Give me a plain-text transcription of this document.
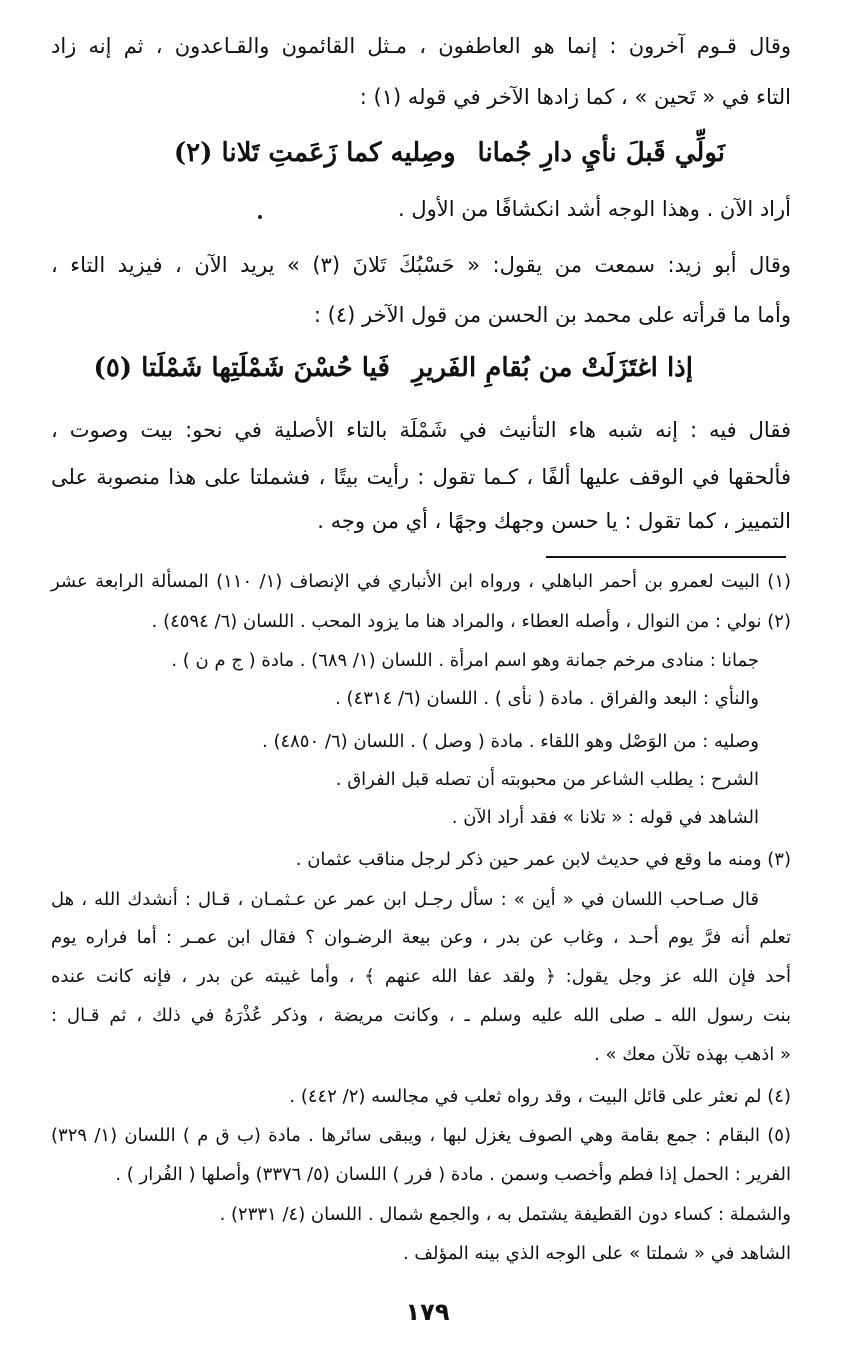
وقال قـوم آخرون : إنما هو العاطفون ، مـثل القائمون والقـاعدون ، ثم إنه زاد

التاء في « تَحين » ، كما زادها الآخر في قوله (١) :

نَولِّي قَبلَ نأيِ دارِ جُماناوصِليه كما زَعَمتِ تَلانا (٢)

أراد الآن . وهذا الوجه أشد انكشافًا من الأول .

وقال أبو زيد: سمعت من يقول: « حَسْبُكَ تَلانَ (٣) » يريد الآن ، فيزيد التاء ،

وأما ما قرأته على محمد بن الحسن من قول الآخر (٤) :

إذا اغتَزَلَتْ من بُقامِ الفَريرِفَيا حُسْنَ شَمْلَتِها شَمْلَتا (٥)

فقال فيه : إنه شبه هاء التأنيث في شَمْلَة بالتاء الأصلية في نحو: بيت وصوت ،

فألحقها في الوقف عليها ألفًا ، كـما تقول : رأيت بيتًا ، فشملتا على هذا منصوبة على

التمييز ، كما تقول : يا حسن وجهك وجهًا ، أي من وجه .

(١) البيت لعمرو بن أحمر الباهلي ، ورواه ابن الأنباري في الإنصاف (١/ ١١٠) المسألة الرابعة عشر

(٢) نولي : من النوال ، وأصله العطاء ، والمراد هنا ما يزود المحب . اللسان (٦/ ٤٥٩٤) .

جمانا : منادى مرخم جمانة وهو اسم امرأة . اللسان (١/ ٦٨٩) . مادة ( ج م ن ) .

والنأي : البعد والفراق . مادة ( نأى ) . اللسان (٦/ ٤٣١٤) .

وصليه : من الوَصْل وهو اللقاء . مادة ( وصل ) . اللسان (٦/ ٤٨٥٠) .

الشرح : يطلب الشاعر من محبوبته أن تصله قبل الفراق .

الشاهد في قوله : « تلانا » فقد أراد الآن .

(٣) ومنه ما وقع في حديث لابن عمر حين ذكر لرجل مناقب عثمان .

قال صـاحب اللسان في « أين » : سأل رجـل ابن عمر عن عـثمـان ، قـال : أنشدك الله ، هل

تعلم أنه فرَّ يوم أحـد ، وغاب عن بدر ، وعن بيعة الرضـوان ؟ فقال ابن عمـر : أما فراره يوم

أحد فإن الله عز وجل يقول: ﴿ ولقد عفا الله عنهم ﴾ ، وأما غيبته عن بدر ، فإنه كانت عنده

بنت رسول الله ـ صلى الله عليه وسلم ـ ، وكانت مريضة ، وذكر عُذْرَهُ في ذلك ، ثم قـال :

« اذهب بهذه تلآن معك » .

(٤) لم نعثر على قائل البيت ، وقد رواه ثعلب في مجالسه (٢/ ٤٤٢) .

(٥) البقام : جمع بقامة وهي الصوف يغزل لبها ، ويبقى سائرها . مادة (ب ق م ) اللسان (١/ ٣٢٩)

الفرير : الحمل إذا فطم وأخصب وسمن . مادة ( فرر ) اللسان (٥/ ٣٣٧٦) وأصلها ( الفُرار ) .

والشملة : كساء دون القطيفة يشتمل به ، والجمع شمال . اللسان (٤/ ٢٣٣١) .

الشاهد في « شملتا » على الوجه الذي بينه المؤلف .

١٧٩
